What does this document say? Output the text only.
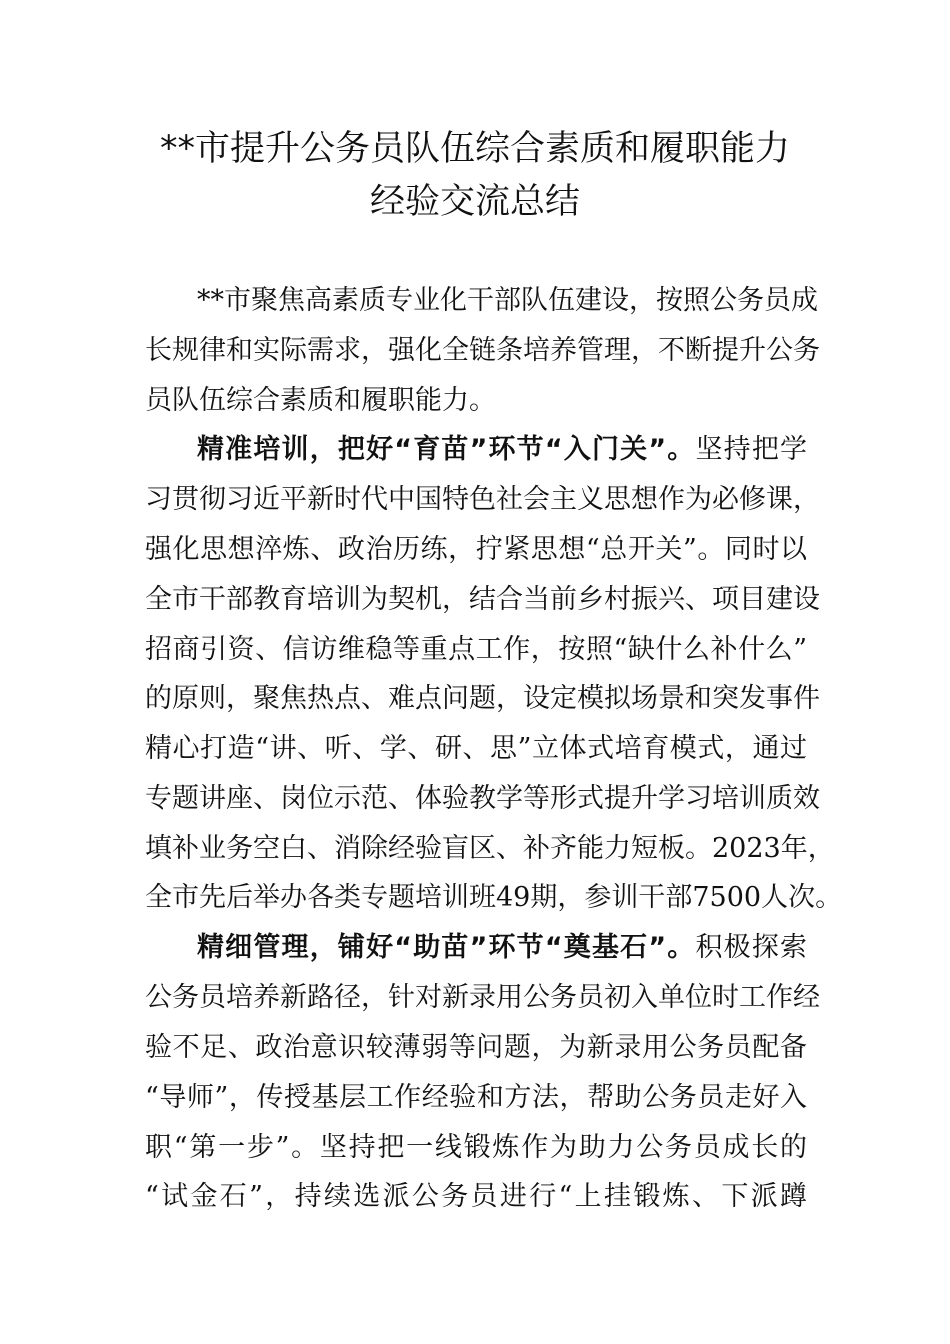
**市提升公务员队伍综合素质和履职能力
经验交流总结
**市聚焦高素质专业化干部队伍建设，按照公务员成
长规律和实际需求，强化全链条培养管理，不断提升公务
员队伍综合素质和履职能力。
精准培训，把好“育苗”环节“入门关”。坚持把学
习贯彻习近平新时代中国特色社会主义思想作为必修课，
强化思想淬炼、政治历练，拧紧思想“总开关”。同时以
全市干部教育培训为契机，结合当前乡村振兴、项目建设
招商引资、信访维稳等重点工作，按照“缺什么补什么”
的原则，聚焦热点、难点问题，设定模拟场景和突发事件
精心打造“讲、听、学、研、思”立体式培育模式，通过
专题讲座、岗位示范、体验教学等形式提升学习培训质效
填补业务空白、消除经验盲区、补齐能力短板。2023年，
全市先后举办各类专题培训班49期，参训干部7500人次。
精细管理，铺好“助苗”环节“奠基石”。积极探索
公务员培养新路径，针对新录用公务员初入单位时工作经
验不足、政治意识较薄弱等问题，为新录用公务员配备
“导师”，传授基层工作经验和方法，帮助公务员走好入
职“第一步”。坚持把一线锻炼作为助力公务员成长的
“试金石”，持续选派公务员进行“上挂锻炼、下派蹲
